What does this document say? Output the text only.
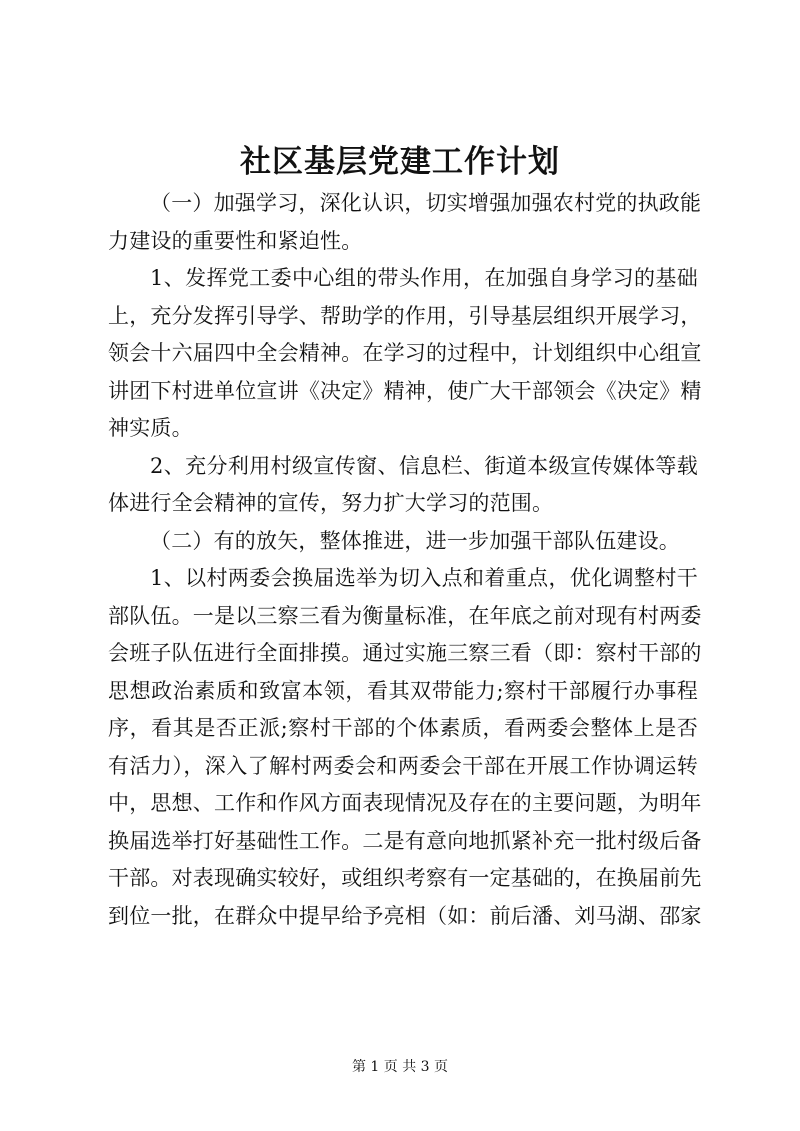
社区基层党建工作计划
（一）加强学习，深化认识，切实增强加强农村党的执政能
力建设的重要性和紧迫性。
1、发挥党工委中心组的带头作用，在加强自身学习的基础
上，充分发挥引导学、帮助学的作用，引导基层组织开展学习，
领会十六届四中全会精神。在学习的过程中，计划组织中心组宣
讲团下村进单位宣讲《决定》精神，使广大干部领会《决定》精
神实质。
2、充分利用村级宣传窗、信息栏、街道本级宣传媒体等载
体进行全会精神的宣传，努力扩大学习的范围。
（二）有的放矢，整体推进，进一步加强干部队伍建设。
1、以村两委会换届选举为切入点和着重点，优化调整村干
部队伍。一是以三察三看为衡量标准，在年底之前对现有村两委
会班子队伍进行全面排摸。通过实施三察三看（即：察村干部的
思想政治素质和致富本领，看其双带能力;察村干部履行办事程
序，看其是否正派;察村干部的个体素质，看两委会整体上是否
有活力），深入了解村两委会和两委会干部在开展工作协调运转
中，思想、工作和作风方面表现情况及存在的主要问题，为明年
换届选举打好基础性工作。二是有意向地抓紧补充一批村级后备
干部。对表现确实较好，或组织考察有一定基础的，在换届前先
到位一批，在群众中提早给予亮相（如：前后潘、刘马湖、邵家
第 1 页 共 3 页
